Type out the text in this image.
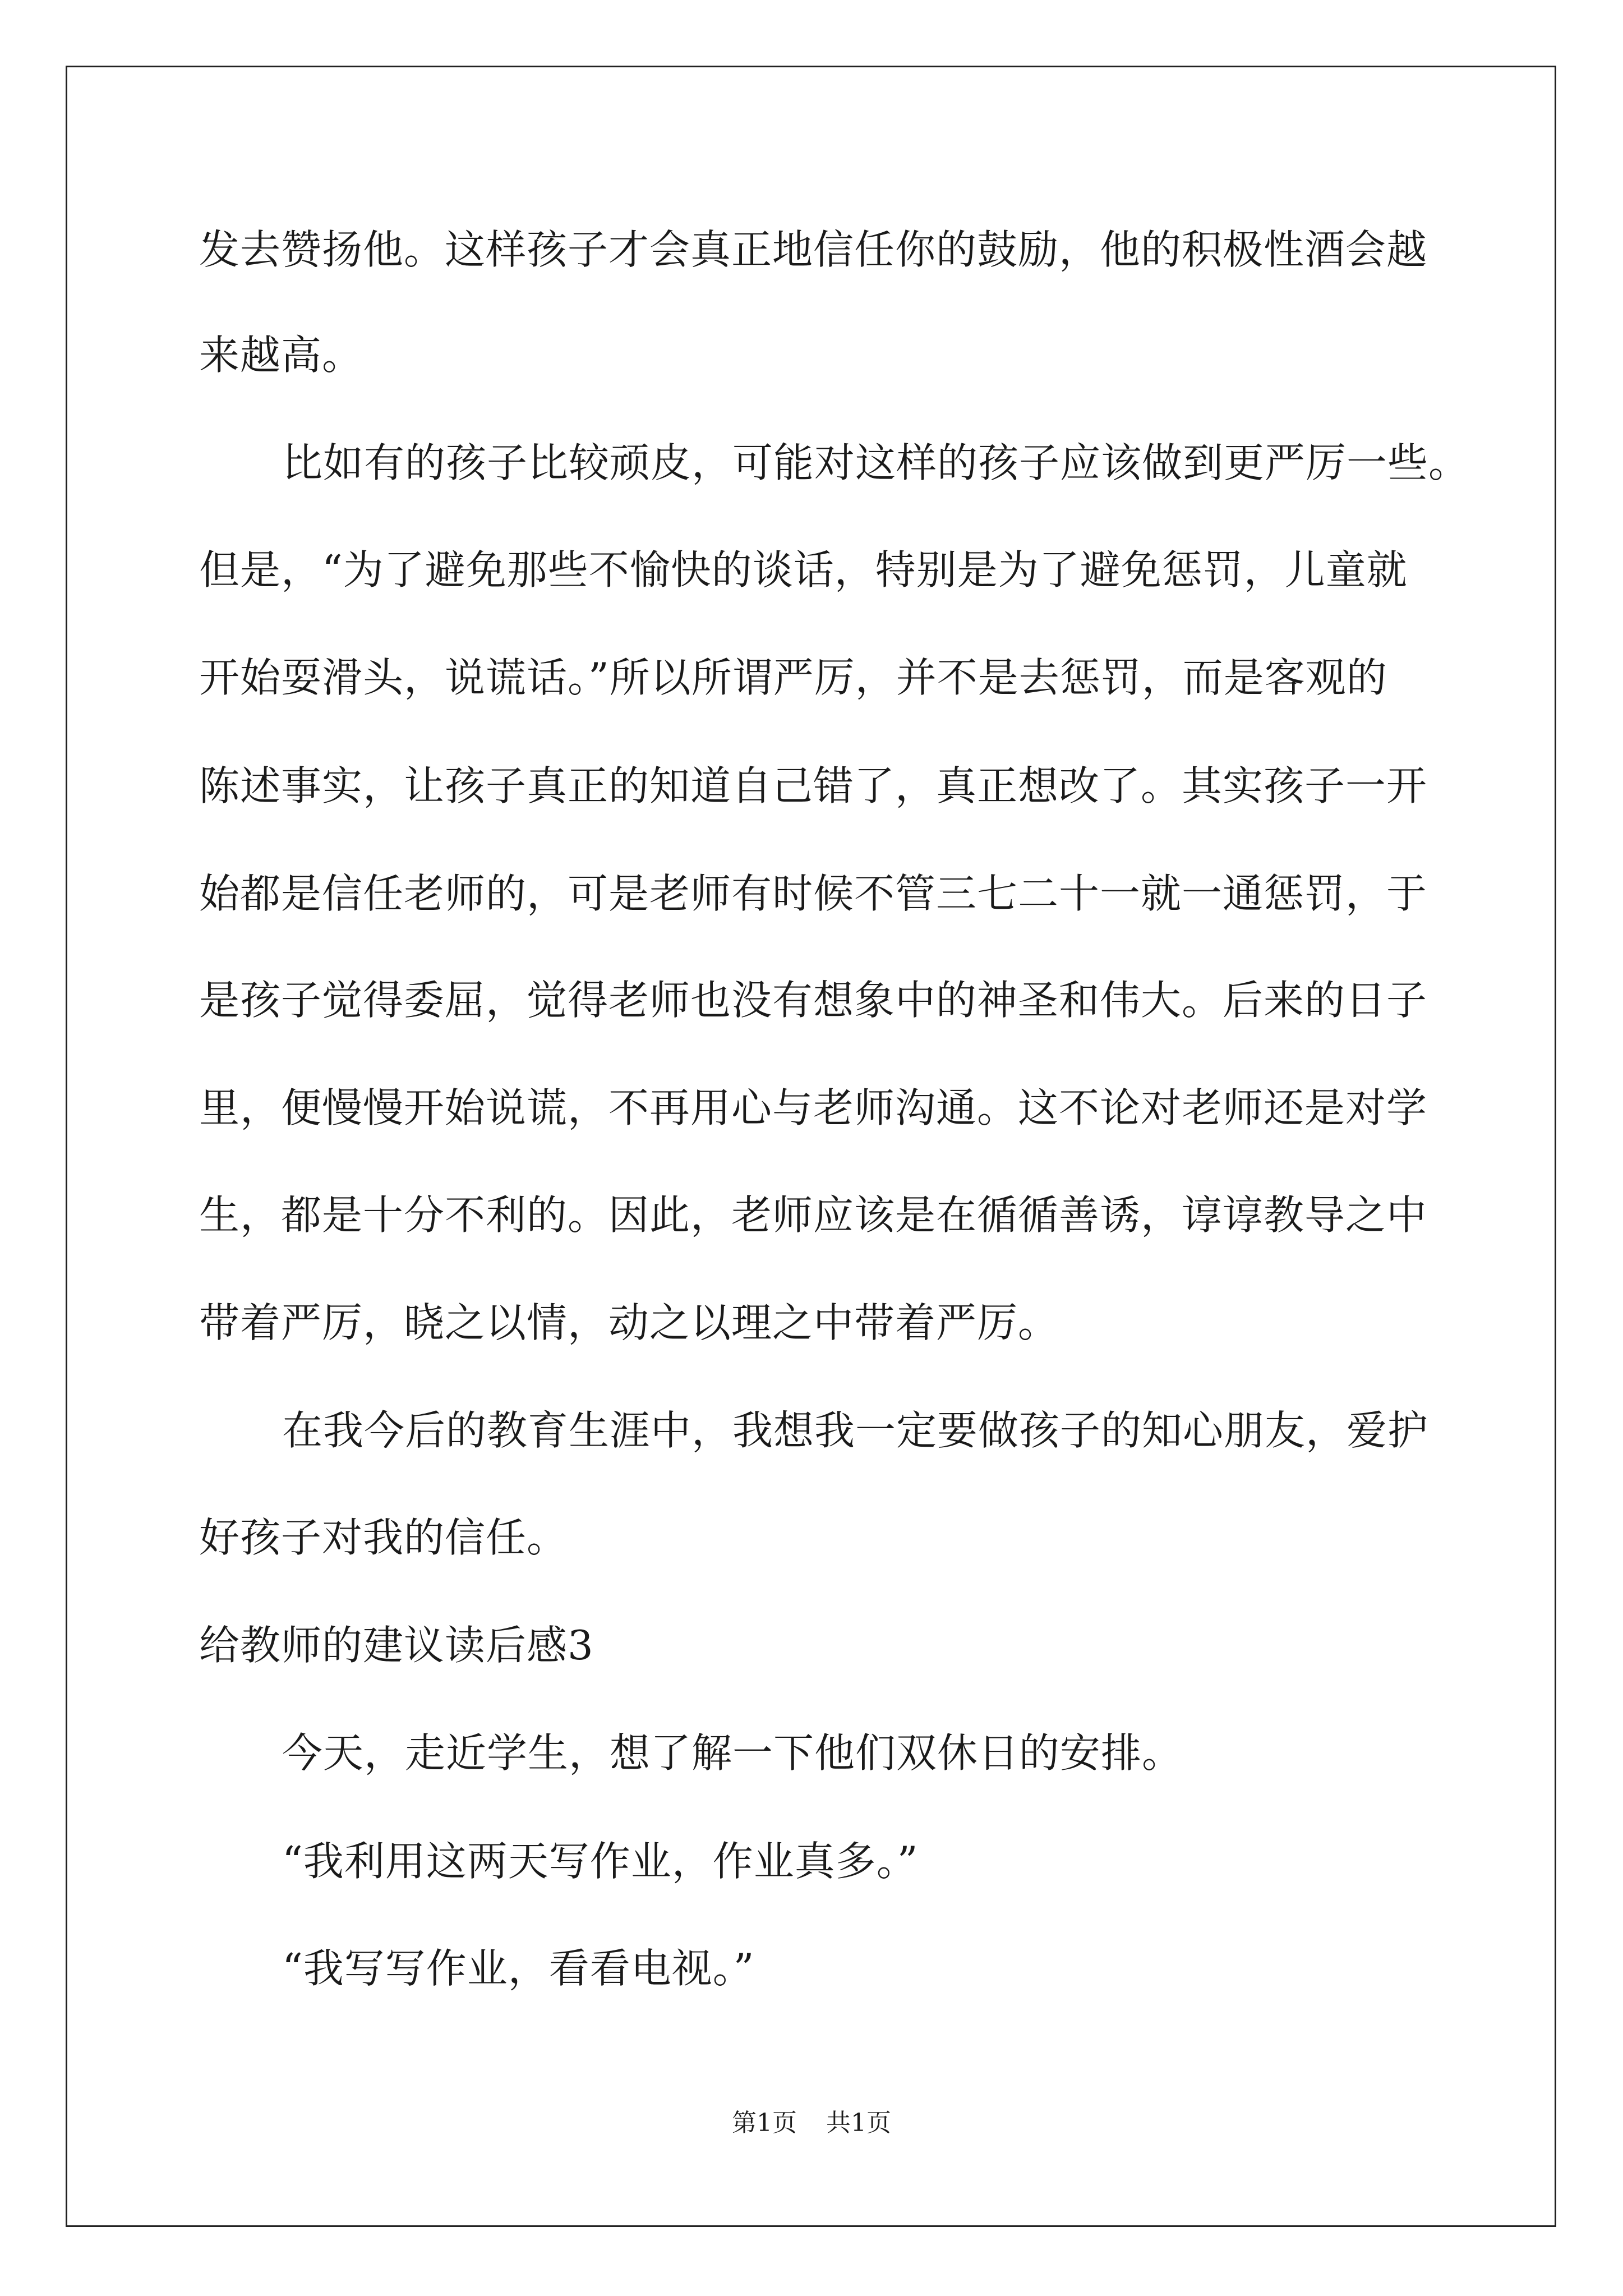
发去赞扬他。这样孩子才会真正地信任你的鼓励，他的积极性酒会越
来越高。
比如有的孩子比较顽皮，可能对这样的孩子应该做到更严厉一些。
但是，“为了避免那些不愉快的谈话，特别是为了避免惩罚，儿童就
开始耍滑头，说谎话。”所以所谓严厉，并不是去惩罚，而是客观的
陈述事实，让孩子真正的知道自己错了，真正想改了。其实孩子一开
始都是信任老师的，可是老师有时候不管三七二十一就一通惩罚，于
是孩子觉得委屈，觉得老师也没有想象中的神圣和伟大。后来的日子
里，便慢慢开始说谎，不再用心与老师沟通。这不论对老师还是对学
生，都是十分不利的。因此，老师应该是在循循善诱，谆谆教导之中
带着严厉，晓之以情，动之以理之中带着严厉。
在我今后的教育生涯中，我想我一定要做孩子的知心朋友，爱护
好孩子对我的信任。
给教师的建议读后感3
今天，走近学生，想了解一下他们双休日的安排。
“我利用这两天写作业，作业真多。”
“我写写作业，看看电视。”
第1页 共1页
